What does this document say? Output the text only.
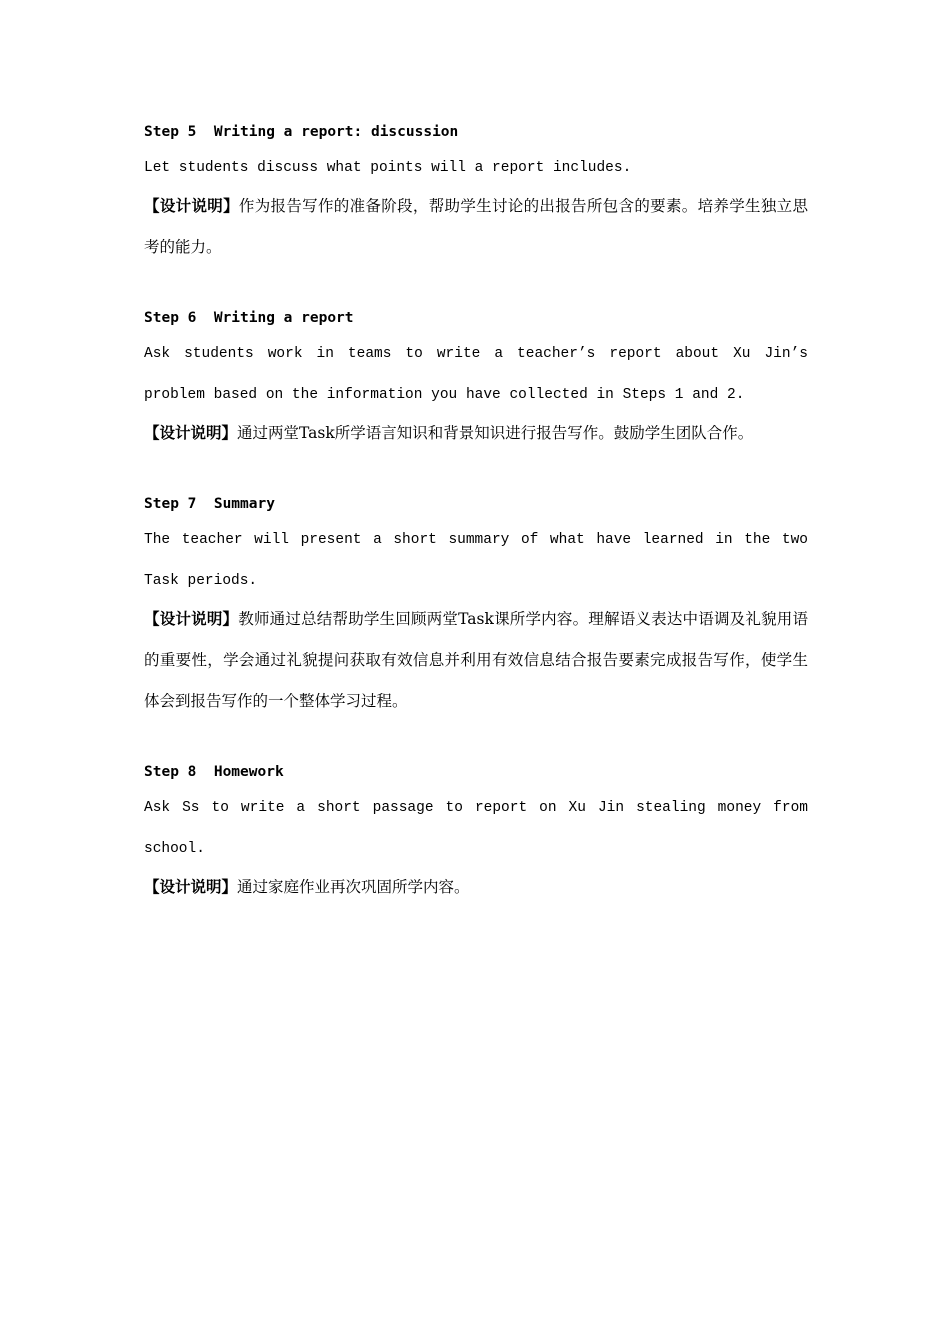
Step 5  Writing a report: discussion
Let students discuss what points will a report includes.
【设计说明】作为报告写作的准备阶段，帮助学生讨论的出报告所包含的要素。培养学生独立思考的能力。
Step 6  Writing a report
Ask students work in teams to write a teacher’s report about Xu Jin’s problem based on the information you have collected in Steps 1 and 2.
【设计说明】通过两堂Task所学语言知识和背景知识进行报告写作。鼓励学生团队合作。
Step 7  Summary
The teacher will present a short summary of what have learned in the two Task periods.
【设计说明】教师通过总结帮助学生回顾两堂Task课所学内容。理解语义表达中语调及礼貌用语的重要性，学会通过礼貌提问获取有效信息并利用有效信息结合报告要素完成报告写作，使学生体会到报告写作的一个整体学习过程。
Step 8  Homework
Ask Ss to write a short passage to report on Xu Jin stealing money from school.
【设计说明】通过家庭作业再次巩固所学内容。
